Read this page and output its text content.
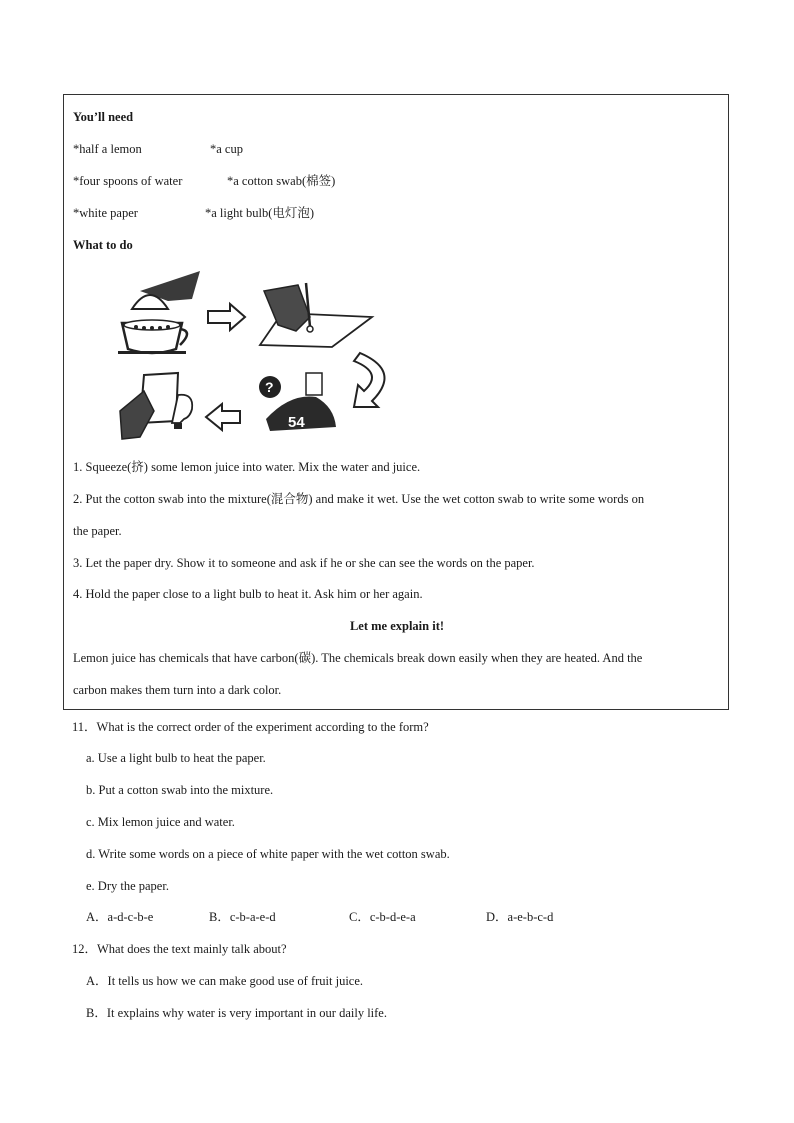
You’ll need
*half a lemon	*a cup
*four spoons of water	*a cotton swab(棉签)
*white paper	*a light bulb(电灯泡)
What to do
?
54
1. Squeeze(挤) some lemon juice into water. Mix the water and juice.
2. Put the cotton swab into the mixture(混合物) and make it wet. Use the wet cotton swab to write some words on
the paper.
3. Let the paper dry. Show it to someone and ask if he or she can see the words on the paper.
4. Hold the paper close to a light bulb to heat it. Ask him or her again.
Let me explain it!
Lemon juice has chemicals that have carbon(碳). The chemicals break down easily when they are heated. And the
carbon makes them turn into a dark color.
11．What is the correct order of the experiment according to the form?
a. Use a light bulb to heat the paper.
b. Put a cotton swab into the mixture.
c. Mix lemon juice and water.
d. Write some words on a piece of white paper with the wet cotton swab.
e. Dry the paper.
A．a-d-c-b-e	B．c-b-a-e-d	C．c-b-d-e-a	D．a-e-b-c-d
12．What does the text mainly talk about?
A．It tells us how we can make good use of fruit juice.
B．It explains why water is very important in our daily life.
